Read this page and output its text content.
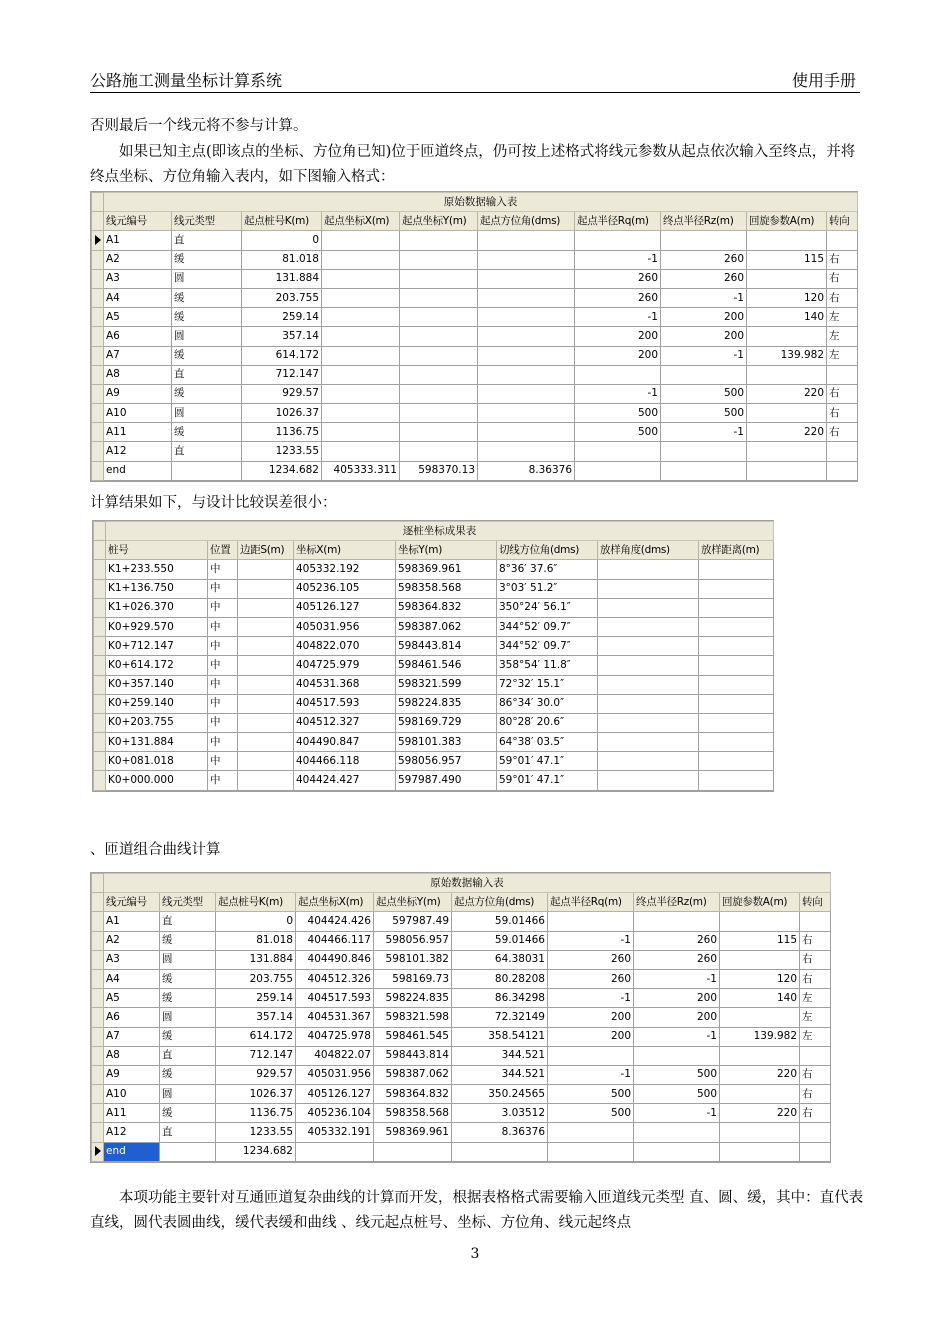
公路施工测量坐标计算系统	使用手册
否则最后一个线元将不参与计算。
如果已知主点(即该点的坐标、方位角已知)位于匝道终点，仍可按上述格式将线元参数从起点依次输入至终点，并将终点坐标、方位角输入表内，如下图输入格式：
	原始数据输入表									
	线元编号	线元类型	起点桩号K(m)	起点坐标X(m)	起点坐标Y(m)	起点方位角(dms)	起点半径Rq(m)	终点半径Rz(m)	回旋参数A(m)	转向
	A1	直	0							
	A2	缓	81.018				-1	260	115	右
	A3	圆	131.884				260	260		右
	A4	缓	203.755				260	-1	120	右
	A5	缓	259.14				-1	200	140	左
	A6	圆	357.14				200	200		左
	A7	缓	614.172				200	-1	139.982	左
	A8	直	712.147							
	A9	缓	929.57				-1	500	220	右
	A10	圆	1026.37				500	500		右
	A11	缓	1136.75				500	-1	220	右
	A12	直	1233.55							
	end		1234.682	405333.311	598370.13	8.36376				
计算结果如下，与设计比较误差很小：
	逐桩坐标成果表							
	桩号	位置	边距S(m)	坐标X(m)	坐标Y(m)	切线方位角(dms)	放样角度(dms)	放样距离(m)
	K1+233.550	中		405332.192	598369.961	8°36′ 37.6″		
	K1+136.750	中		405236.105	598358.568	3°03′ 51.2″		
	K1+026.370	中		405126.127	598364.832	350°24′ 56.1″		
	K0+929.570	中		405031.956	598387.062	344°52′ 09.7″		
	K0+712.147	中		404822.070	598443.814	344°52′ 09.7″		
	K0+614.172	中		404725.979	598461.546	358°54′ 11.8″		
	K0+357.140	中		404531.368	598321.599	72°32′ 15.1″		
	K0+259.140	中		404517.593	598224.835	86°34′ 30.0″		
	K0+203.755	中		404512.327	598169.729	80°28′ 20.6″		
	K0+131.884	中		404490.847	598101.383	64°38′ 03.5″		
	K0+081.018	中		404466.118	598056.957	59°01′ 47.1″		
	K0+000.000	中		404424.427	597987.490	59°01′ 47.1″		
、匝道组合曲线计算
	原始数据输入表									
	线元编号	线元类型	起点桩号K(m)	起点坐标X(m)	起点坐标Y(m)	起点方位角(dms)	起点半径Rq(m)	终点半径Rz(m)	回旋参数A(m)	转向
	A1	直	0	404424.426	597987.49	59.01466				
	A2	缓	81.018	404466.117	598056.957	59.01466	-1	260	115	右
	A3	圆	131.884	404490.846	598101.382	64.38031	260	260		右
	A4	缓	203.755	404512.326	598169.73	80.28208	260	-1	120	右
	A5	缓	259.14	404517.593	598224.835	86.34298	-1	200	140	左
	A6	圆	357.14	404531.367	598321.598	72.32149	200	200		左
	A7	缓	614.172	404725.978	598461.545	358.54121	200	-1	139.982	左
	A8	直	712.147	404822.07	598443.814	344.521				
	A9	缓	929.57	405031.956	598387.062	344.521	-1	500	220	右
	A10	圆	1026.37	405126.127	598364.832	350.24565	500	500		右
	A11	缓	1136.75	405236.104	598358.568	3.03512	500	-1	220	右
	A12	直	1233.55	405332.191	598369.961	8.36376				
	end		1234.682							
本项功能主要针对互通匝道复杂曲线的计算而开发，根据表格格式需要输入匝道线元类型 直、圆、缓，其中：直代表直线，圆代表圆曲线，缓代表缓和曲线 、线元起点桩号、坐标、方位角、线元起终点
3
